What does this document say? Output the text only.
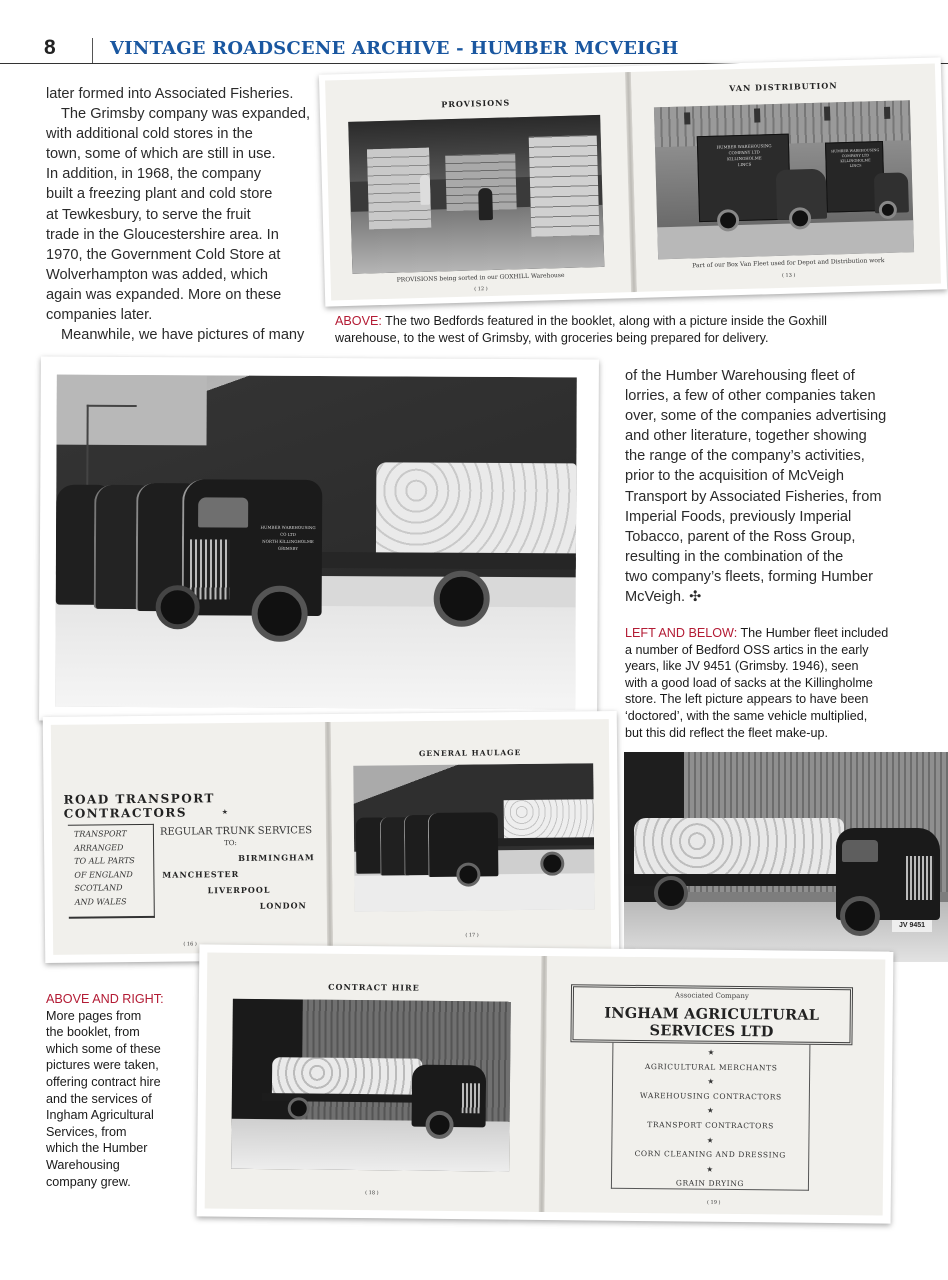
8	VINTAGE ROADSCENE ARCHIVE - HUMBER MCVEIGH

later formed into Associated Fisheries.

The Grimsby company was expanded,

with additional cold stores in the

town, some of which are still in use.

In addition, in 1968, the company

built a freezing plant and cold store

at Tewkesbury, to serve the fruit

trade in the Gloucestershire area. In

1970, the Government Cold Store at

Wolverhampton was added, which

again was expanded. More on these

companies later.

Meanwhile, we have pictures of many

PROVISIONS
PROVISIONS being sorted in our GOXHILL Warehouse
( 12 )
VAN DISTRIBUTION
HUMBER WAREHOUSING
COMPANY LTD
KILLINGHOLME
LINCS
HUMBER WAREHOUSING
COMPANY LTD
KILLINGHOLME
LINCS
Part of our Box Van Fleet used for Depot and Distribution work
( 13 )
ABOVE: The two Bedfords featured in the booklet, along with a picture inside the Goxhill
warehouse, to the west of Grimsby, with groceries being prepared for delivery.
HUMBER WAREHOUSING CO LTD
NORTH KILLINGHOLME
GRIMSBY

of the Humber Warehousing fleet of

lorries, a few of other companies taken

over, some of the companies advertising

and other literature, together showing

the range of the company’s activities,

prior to the acquisition of McVeigh

Transport by Associated Fisheries, from

Imperial Foods, previously Imperial

Tobacco, parent of the Ross Group,

resulting in the combination of the

two company’s fleets, forming Humber

McVeigh. ✣

LEFT AND BELOW: The Humber fleet included
a number of Bedford OSS artics in the early
years, like JV 9451 (Grimsby. 1946), seen
with a good load of sacks at the Killingholme
store. The left picture appears to have been
‘doctored’, with the same vehicle multiplied,
but this did reflect the fleet make-up.
ROAD TRANSPORT CONTRACTORS	★
TRANSPORT
ARRANGED
TO ALL PARTS
OF ENGLAND
SCOTLAND
AND WALES
REGULAR TRUNK SERVICES
TO:
BIRMINGHAM
MANCHESTER
LIVERPOOL
LONDON
( 16 )
GENERAL HAULAGE
( 17 )
JV 9451
ABOVE AND RIGHT:
More pages from
the booklet, from
which some of these
pictures were taken,
offering contract hire
and the services of
Ingham Agricultural
Services, from
which the Humber
Warehousing
company grew.
CONTRACT HIRE
( 18 )
Associated Company
INGHAM AGRICULTURAL SERVICES LTD
★
AGRICULTURAL MERCHANTS
★
WAREHOUSING CONTRACTORS
★
TRANSPORT CONTRACTORS
★
CORN CLEANING AND DRESSING
★
GRAIN DRYING
( 19 )
